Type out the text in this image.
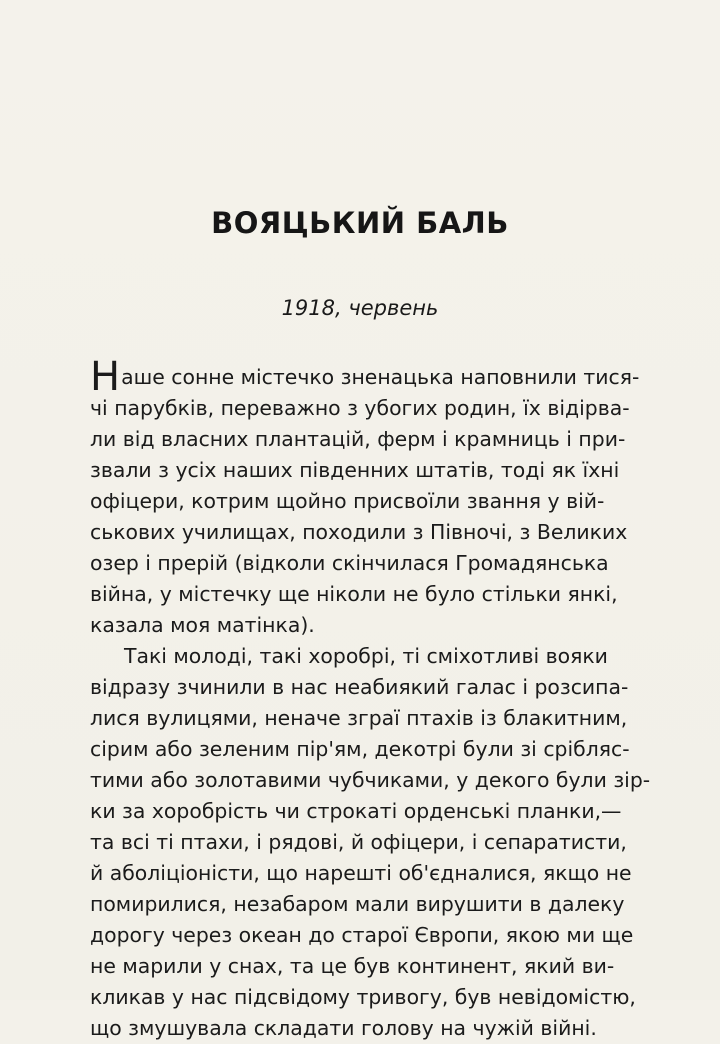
ВОЯЦЬКИЙ БАЛЬ
1918, червень
Наше сонне містечко зненацька наповнили тися-
чі парубків, переважно з убогих родин, їх відірва-
ли від власних плантацій, ферм і крамниць і при-
звали з усіх наших південних штатів, тоді як їхні
офіцери, котрим щойно присвоїли звання у вій-
ськових училищах, походили з Півночі, з Великих
озер і прерій (відколи скінчилася Громадянська
війна, у містечку ще ніколи не було стільки янкі,
казала моя матінка).
Такі молоді, такі хоробрі, ті сміхотливі вояки
відразу зчинили в нас неабиякий галас і розсипа-
лися вулицями, неначе зграї птахів із блакитним,
сірим або зеленим пір'ям, декотрі були зі срібляс-
тими або золотавими чубчиками, у декого були зір-
ки за хоробрість чи строкаті орденські планки,—
та всі ті птахи, і рядові, й офіцери, і сепаратисти,
й аболіціоністи, що нарешті об'єдналися, якщо не
помирилися, незабаром мали вирушити в далеку
дорогу через океан до старої Європи, якою ми ще
не марили у снах, та це був континент, який ви-
кликав у нас підсвідому тривогу, був невідомістю,
що змушувала складати голову на чужій війні.
